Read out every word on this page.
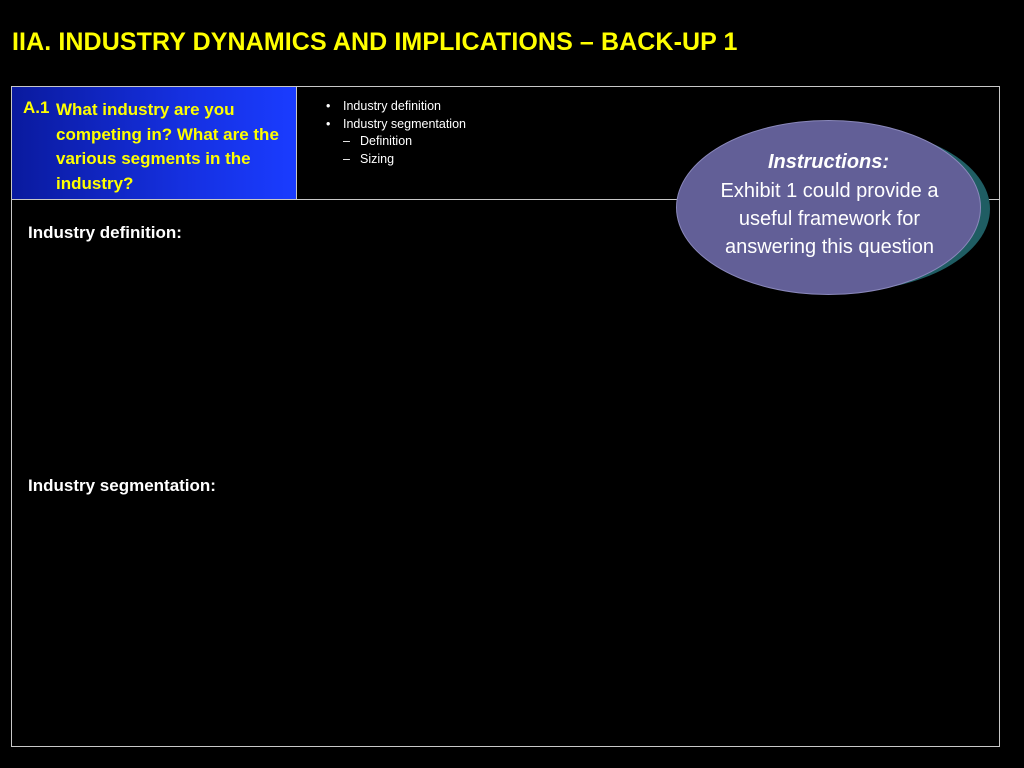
IIA. INDUSTRY DYNAMICS AND IMPLICATIONS – BACK-UP 1
A.1 What industry are you competing in? What are the various segments in the industry?
•	Industry definition
•	Industry segmentation
– Definition
– Sizing
Industry definition:
Industry segmentation:
Instructions:
Exhibit 1 could provide a useful framework for answering this question
